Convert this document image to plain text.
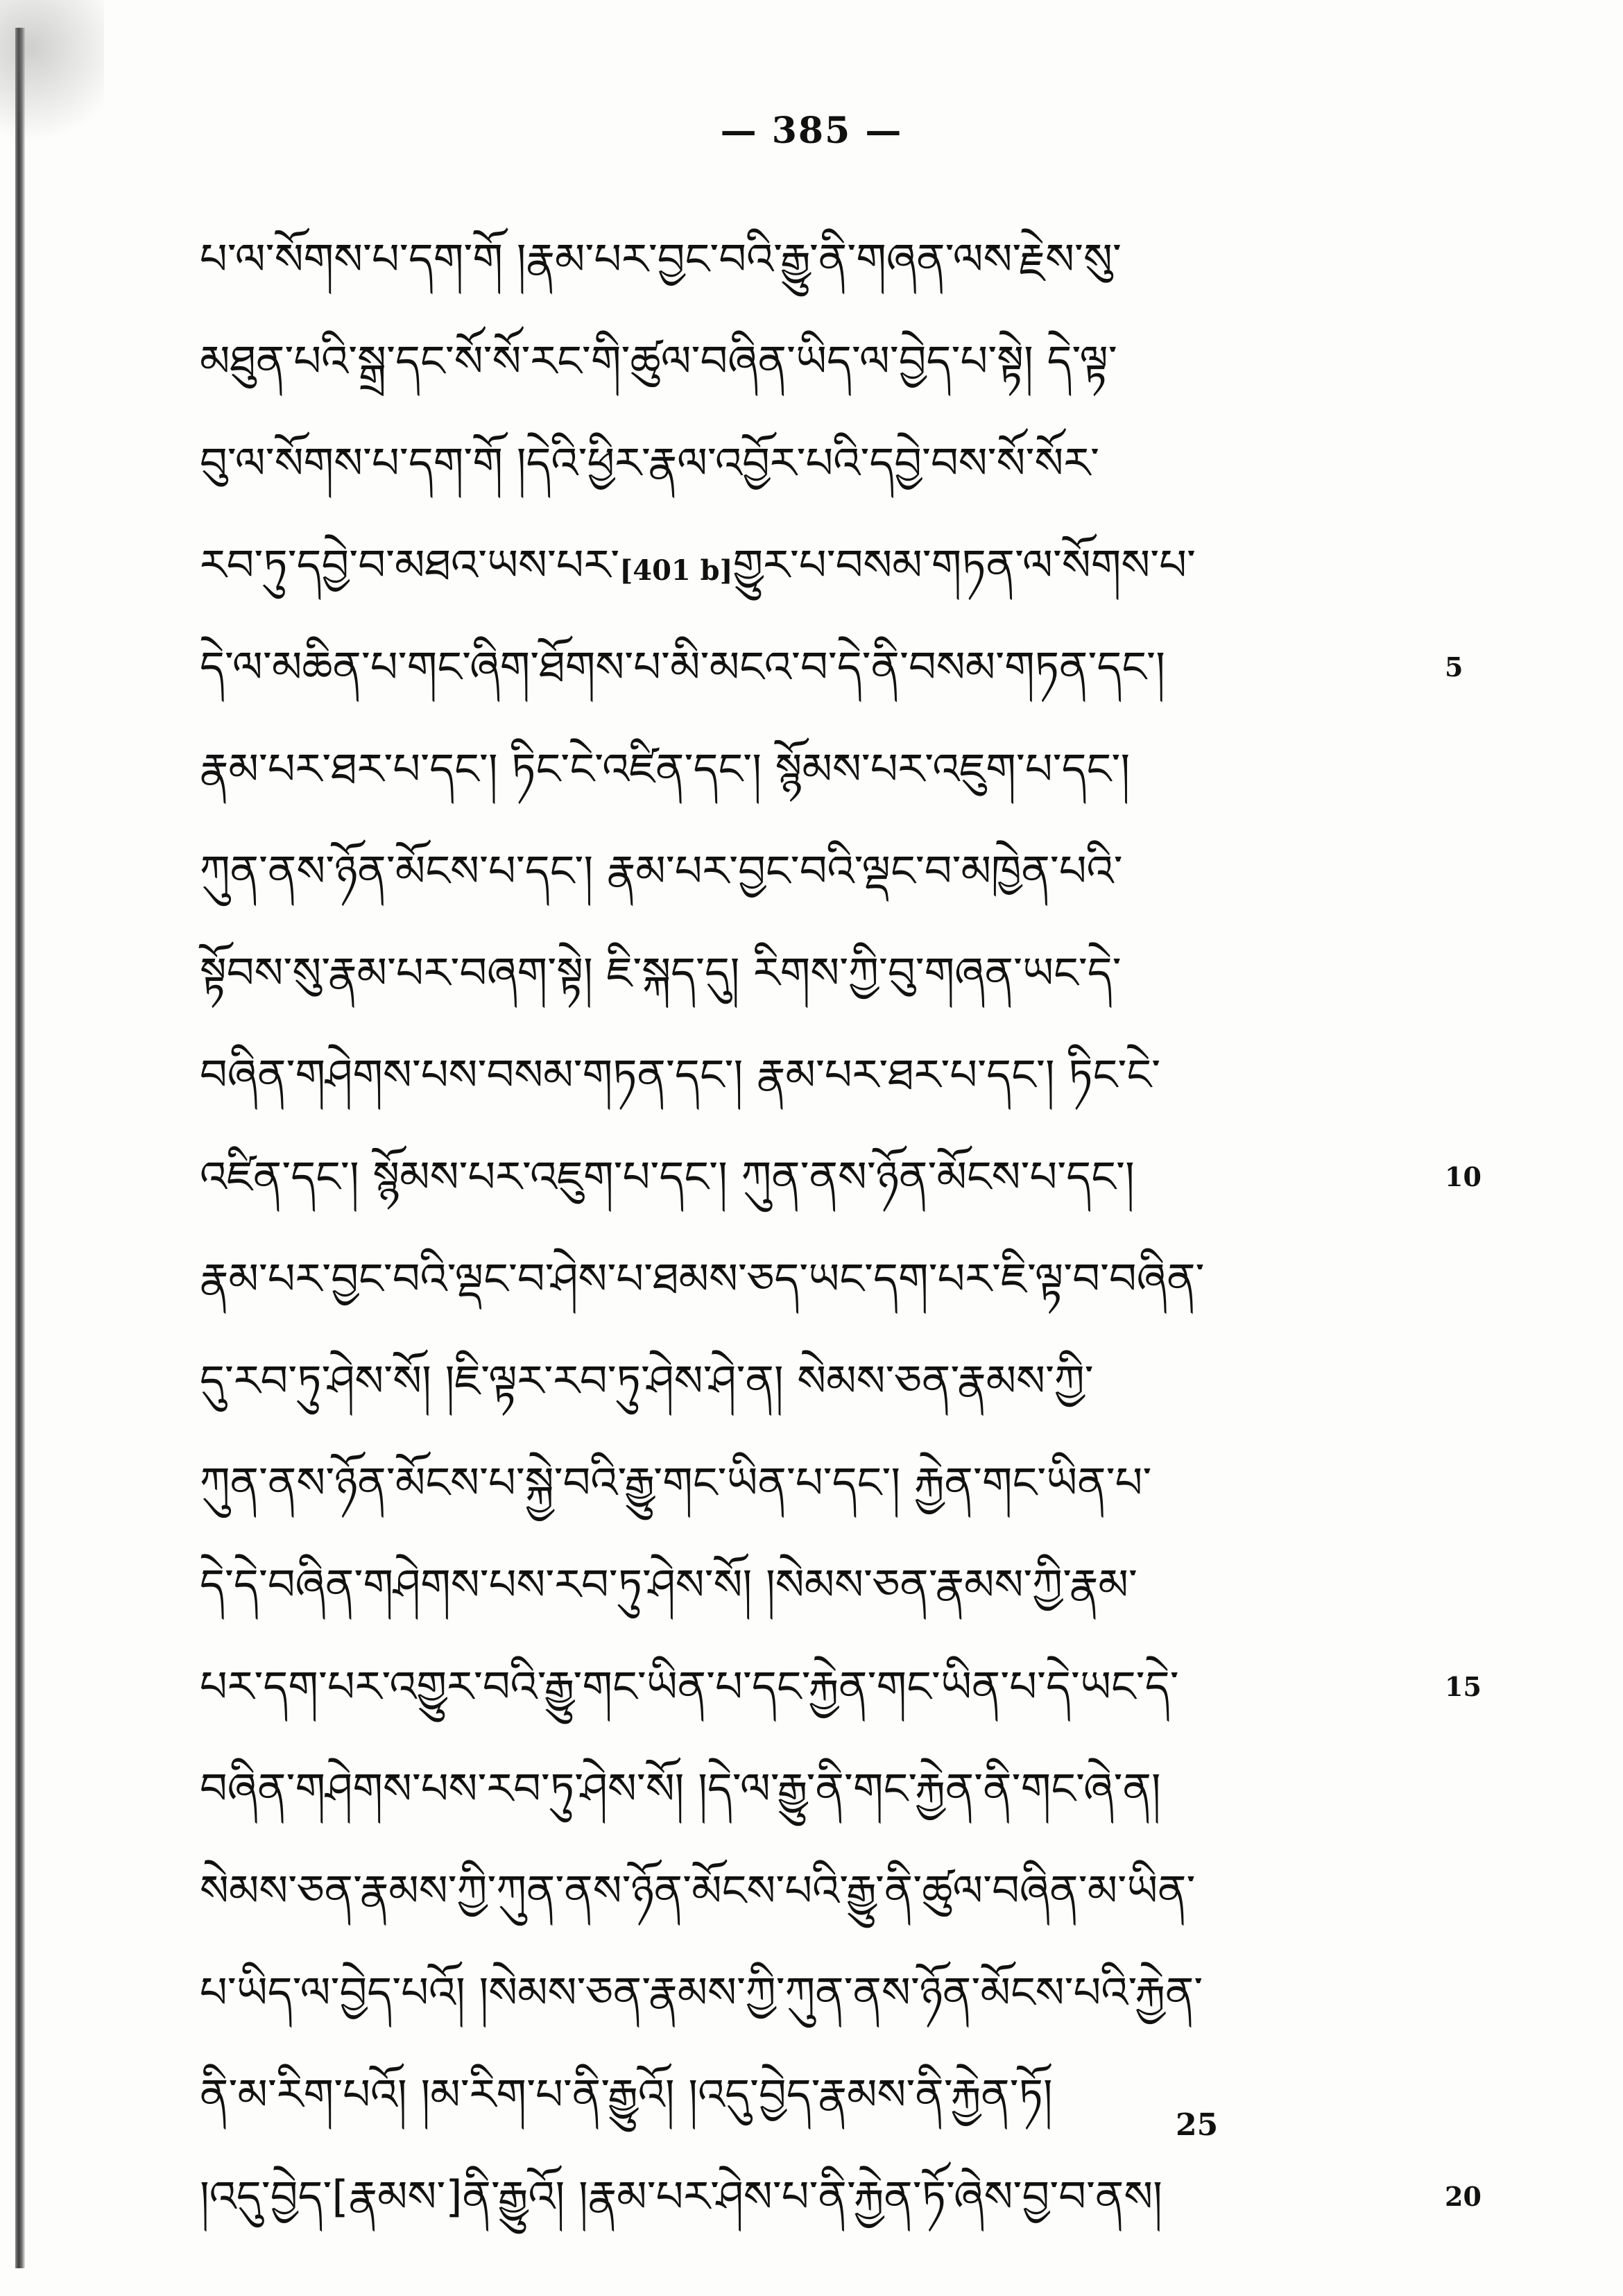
— 385 —
པ་ལ་སོགས་པ་དག་གོ །རྣམ་པར་བྱང་བའི་རྒྱུ་ནི་གཞན་ལས་རྗེས་སུ་
མཐུན་པའི་སྒྲ་དང་སོ་སོ་རང་གི་ཚུལ་བཞིན་ཡིད་ལ་བྱེད་པ་སྟེ། དེ་ལྟ་
བུ་ལ་སོགས་པ་དག་གོ །དེའི་ཕྱིར་རྣལ་འབྱོར་པའི་དབྱེ་བས་སོ་སོར་
རབ་ཏུ་དབྱེ་བ་མཐའ་ཡས་པར་[401 b]གྱུར་པ་བསམ་གཏན་ལ་སོགས་པ་
དེ་ལ་མཆིན་པ་གང་ཞིག་ཐོགས་པ་མི་མངའ་བ་དེ་ནི་བསམ་གཏན་དང་།	5
རྣམ་པར་ཐར་པ་དང་། ཏིང་ངེ་འཛིན་དང་། སྙོམས་པར་འཇུག་པ་དང་།
ཀུན་ནས་ཉོན་མོངས་པ་དང་། རྣམ་པར་བྱང་བའི་ལྡང་བ་མཁྱེན་པའི་
སྟོབས་སུ་རྣམ་པར་བཞག་སྟེ། ཇི་སྐད་དུ། རིགས་ཀྱི་བུ་གཞན་ཡང་དེ་
བཞིན་གཤེགས་པས་བསམ་གཏན་དང་། རྣམ་པར་ཐར་པ་དང་། ཏིང་ངེ་
འཛིན་དང་། སྙོམས་པར་འཇུག་པ་དང་། ཀུན་ནས་ཉོན་མོངས་པ་དང་།	10
རྣམ་པར་བྱང་བའི་ལྡང་བ་ཤེས་པ་ཐམས་ཅད་ཡང་དག་པར་ཇི་ལྟ་བ་བཞིན་
དུ་རབ་ཏུ་ཤེས་སོ། །ཇི་ལྟར་རབ་ཏུ་ཤེས་ཤེ་ན། སེམས་ཅན་རྣམས་ཀྱི་
ཀུན་ནས་ཉོན་མོངས་པ་སྐྱེ་བའི་རྒྱུ་གང་ཡིན་པ་དང་། རྐྱེན་གང་ཡིན་པ་
དེ་དེ་བཞིན་གཤེགས་པས་རབ་ཏུ་ཤེས་སོ། །སེམས་ཅན་རྣམས་ཀྱི་རྣམ་
པར་དག་པར་འགྱུར་བའི་རྒྱུ་གང་ཡིན་པ་དང་རྐྱེན་གང་ཡིན་པ་དེ་ཡང་དེ་	15
བཞིན་གཤེགས་པས་རབ་ཏུ་ཤེས་སོ། །དེ་ལ་རྒྱུ་ནི་གང་རྐྱེན་ནི་གང་ཞེ་ན།
སེམས་ཅན་རྣམས་ཀྱི་ཀུན་ནས་ཉོན་མོངས་པའི་རྒྱུ་ནི་ཚུལ་བཞིན་མ་ཡིན་
པ་ཡིད་ལ་བྱེད་པའོ། །སེམས་ཅན་རྣམས་ཀྱི་ཀུན་ནས་ཉོན་མོངས་པའི་རྐྱེན་
ནི་མ་རིག་པའོ། །མ་རིག་པ་ནི་རྒྱུའོ། །འདུ་བྱེད་རྣམས་ནི་རྐྱེན་ཏོ།
།འདུ་བྱེད་[རྣམས་]ནི་རྒྱུའོ། །རྣམ་པར་ཤེས་པ་ནི་རྐྱེན་ཏོ་ཞེས་བྱ་བ་ནས།	20
25
